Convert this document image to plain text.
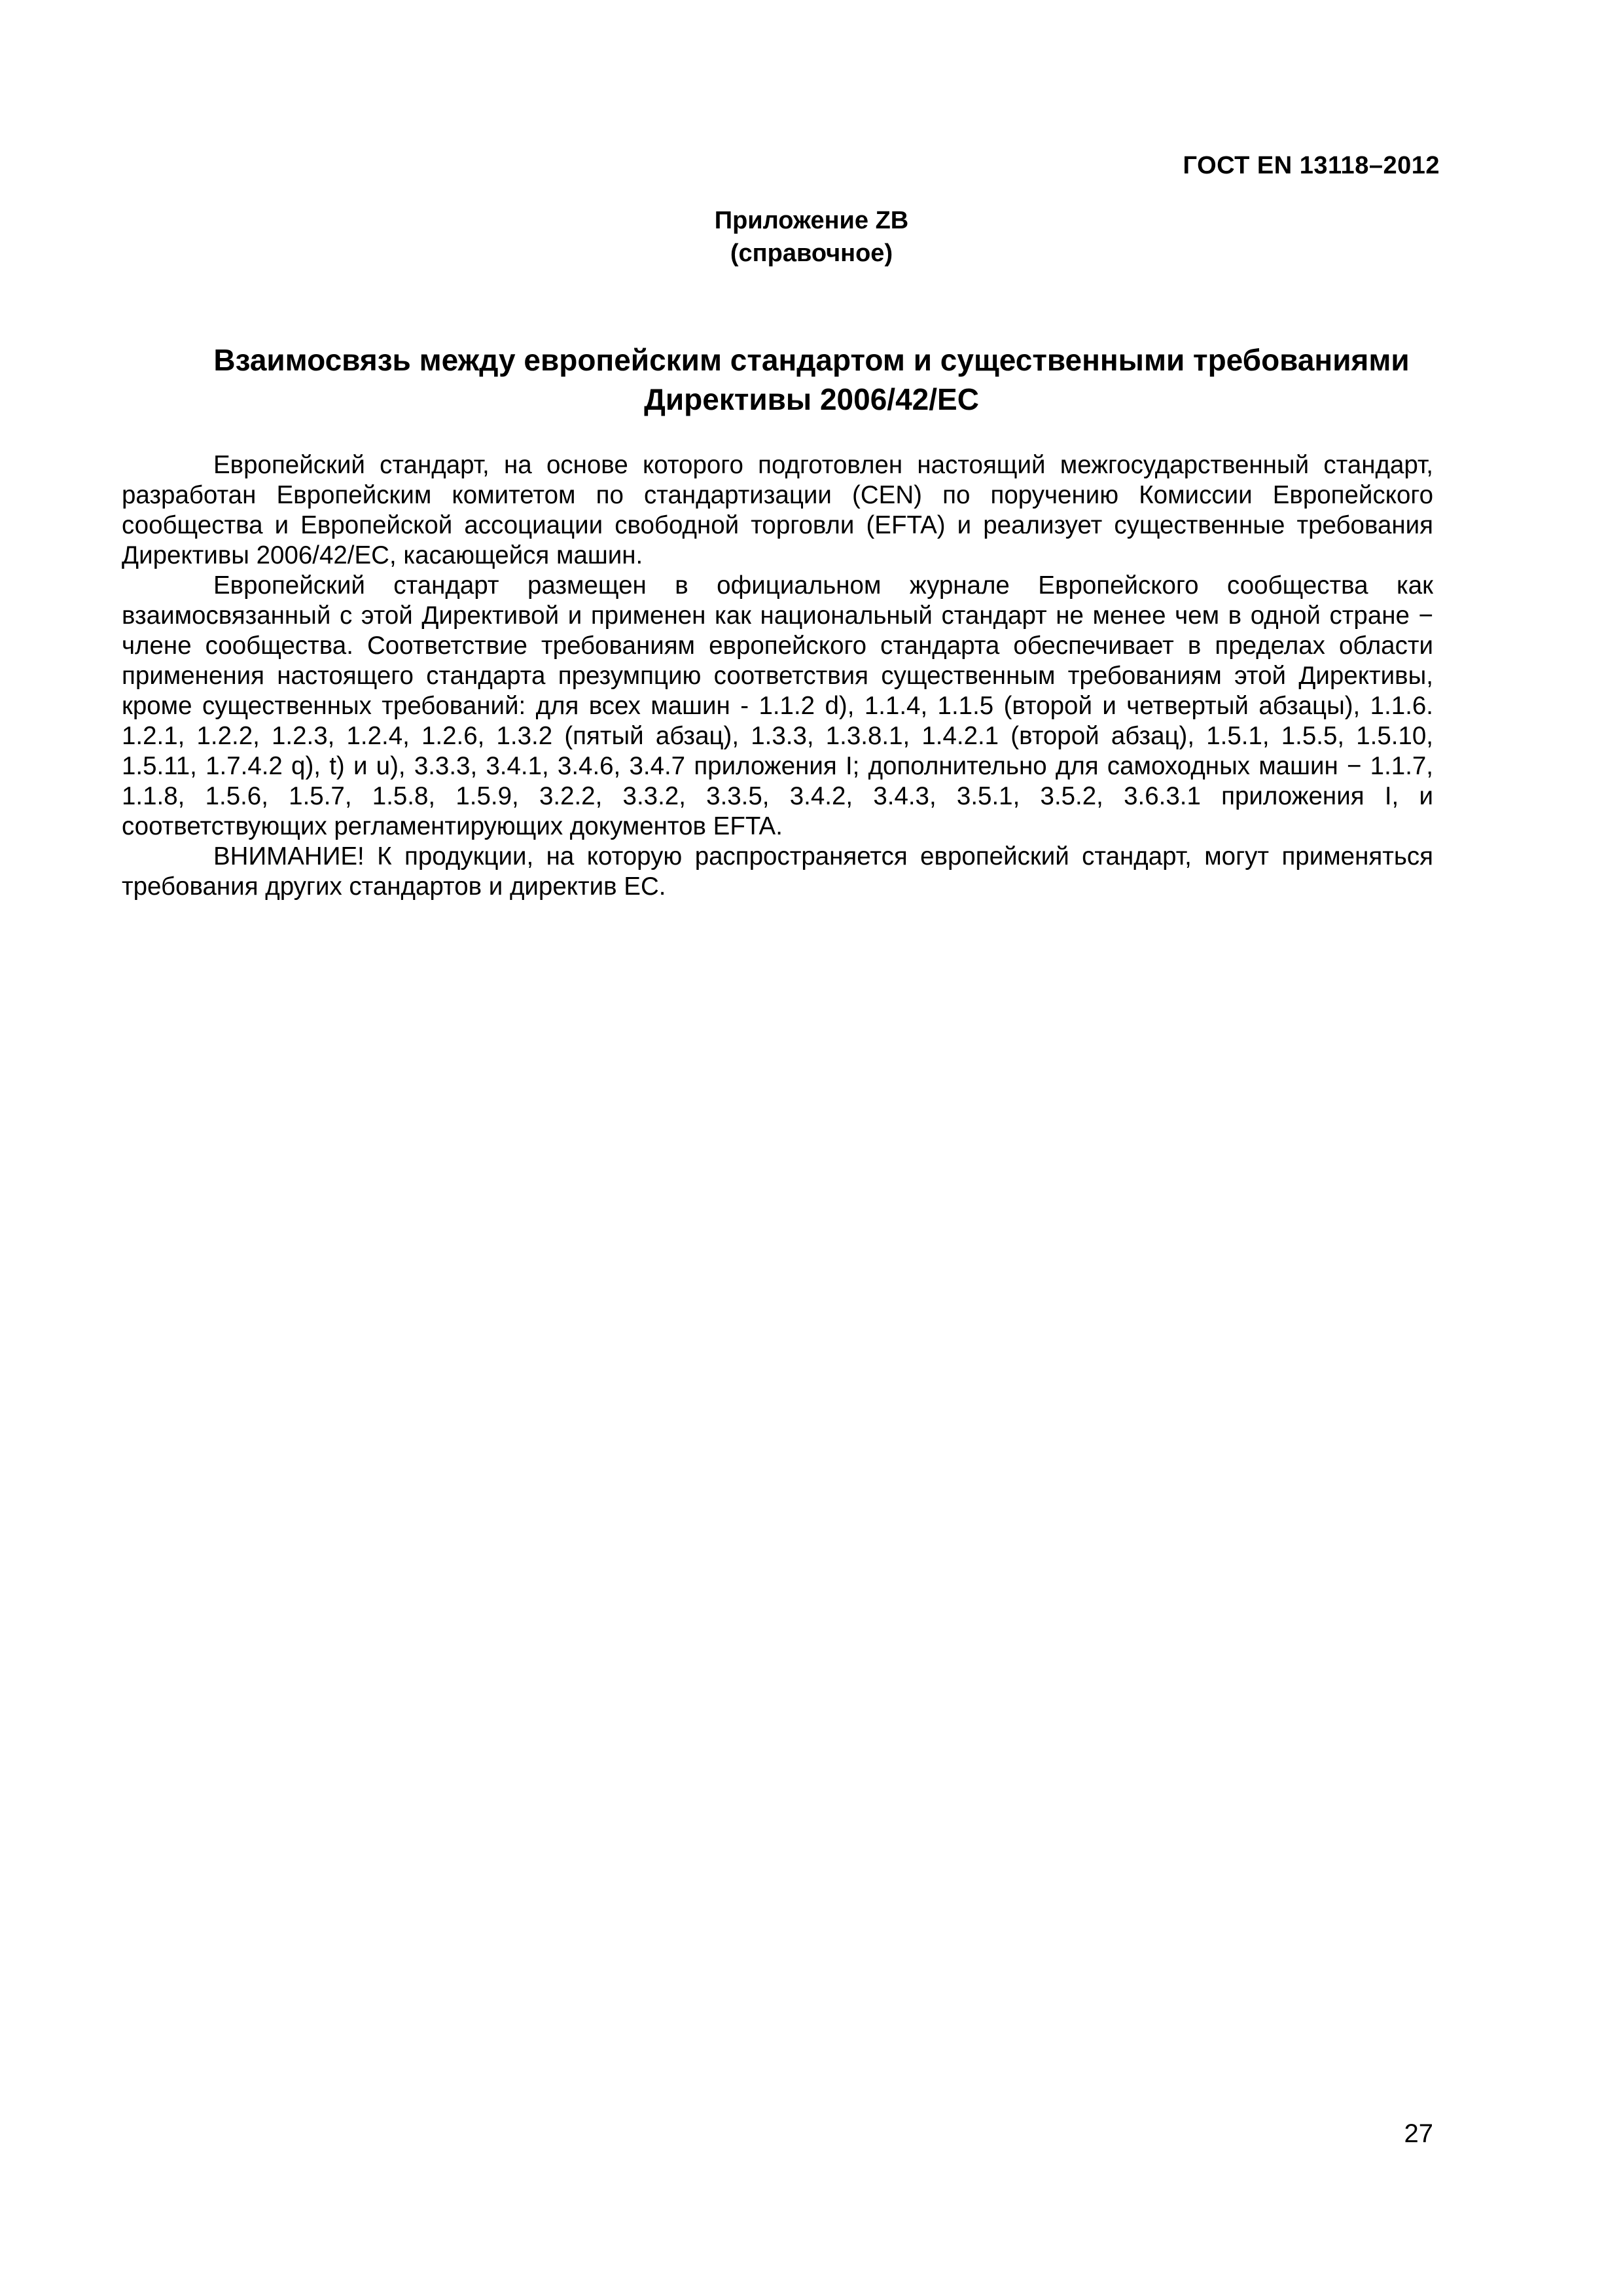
ГОСТ EN 13118–2012
Приложение ZB
(справочное)
Взаимосвязь между европейским стандартом и существенными требованиями
Директивы 2006/42/ЕС

Европейский стандарт, на основе которого подготовлен настоящий межгосударственный стандарт, разработан Европейским комитетом по стандартизации (CEN) по поручению Комиссии Европейского сообщества и Европейской ассоциации свободной торговли (EFTA) и реализует существенные требования Директивы 2006/42/ЕС, касающейся машин.

Европейский стандарт размещен в официальном журнале Европейского сообщества как взаимосвязанный с этой Директивой и применен как национальный стандарт не менее чем в одной стране − члене сообщества. Соответствие требованиям европейского стандарта обеспечивает в пределах области применения настоящего стандарта презумпцию соответствия существенным требованиям этой Директивы, кроме существенных требований: для всех машин - 1.1.2 d), 1.1.4, 1.1.5 (второй и четвертый абзацы), 1.1.6. 1.2.1, 1.2.2, 1.2.3, 1.2.4, 1.2.6, 1.3.2 (пятый абзац), 1.3.3, 1.3.8.1, 1.4.2.1 (второй абзац), 1.5.1, 1.5.5, 1.5.10, 1.5.11, 1.7.4.2 q), t) и u), 3.3.3, 3.4.1, 3.4.6, 3.4.7 приложения I; дополнительно для самоходных машин − 1.1.7, 1.1.8, 1.5.6, 1.5.7, 1.5.8, 1.5.9, 3.2.2, 3.3.2, 3.3.5, 3.4.2, 3.4.3, 3.5.1, 3.5.2, 3.6.3.1 приложения I, и соответствующих регламентирующих документов EFTA.

ВНИМАНИЕ! К продукции, на которую распространяется европейский стандарт, могут применяться требования других стандартов и директив ЕС.

27
